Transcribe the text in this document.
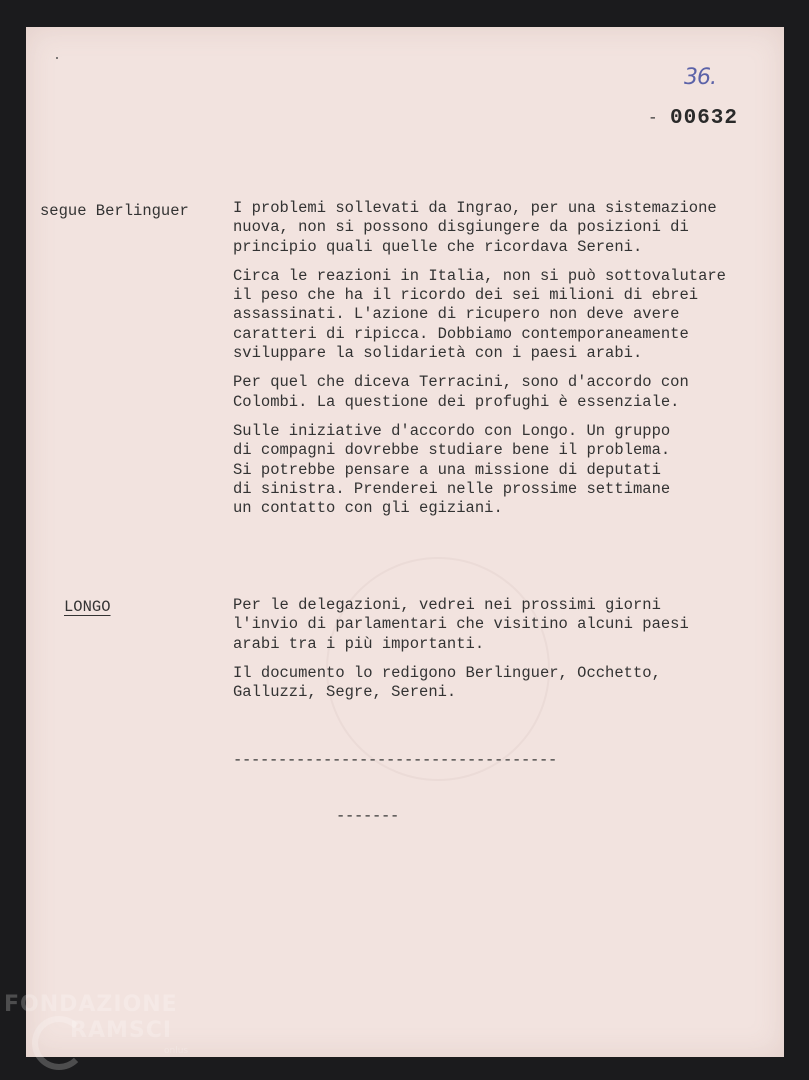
36.
- 00632
segue Berlinguer	I problemi sollevati da Ingrao, per una sistemazione
nuova, non si possono disgiungere da posizioni di
principio quali quelle che ricordava Sereni.

Circa le reazioni in Italia, non si può sottovalutare
il peso che ha il ricordo dei sei milioni di ebrei
assassinati. L'azione di ricupero non deve avere
caratteri di ripicca. Dobbiamo contemporaneamente
sviluppare la solidarietà con i paesi arabi.

Per quel che diceva Terracini, sono d'accordo con
Colombi. La questione dei profughi è essenziale.

Sulle iniziative d'accordo con Longo. Un gruppo
di compagni dovrebbe studiare bene il problema.
Si potrebbe pensare a una missione di deputati
di sinistra. Prenderei nelle prossime settimane
un contatto con gli egiziani.

LONGO	Per le delegazioni, vedrei nei prossimi giorni
l'invio di parlamentari che visitino alcuni paesi
arabi tra i più importanti.

Il documento lo redigono Berlinguer, Occhetto,
Galluzzi, Segre, Sereni.

------------------------------------
-------
FONDAZIONE
RAMSCI
onlus
